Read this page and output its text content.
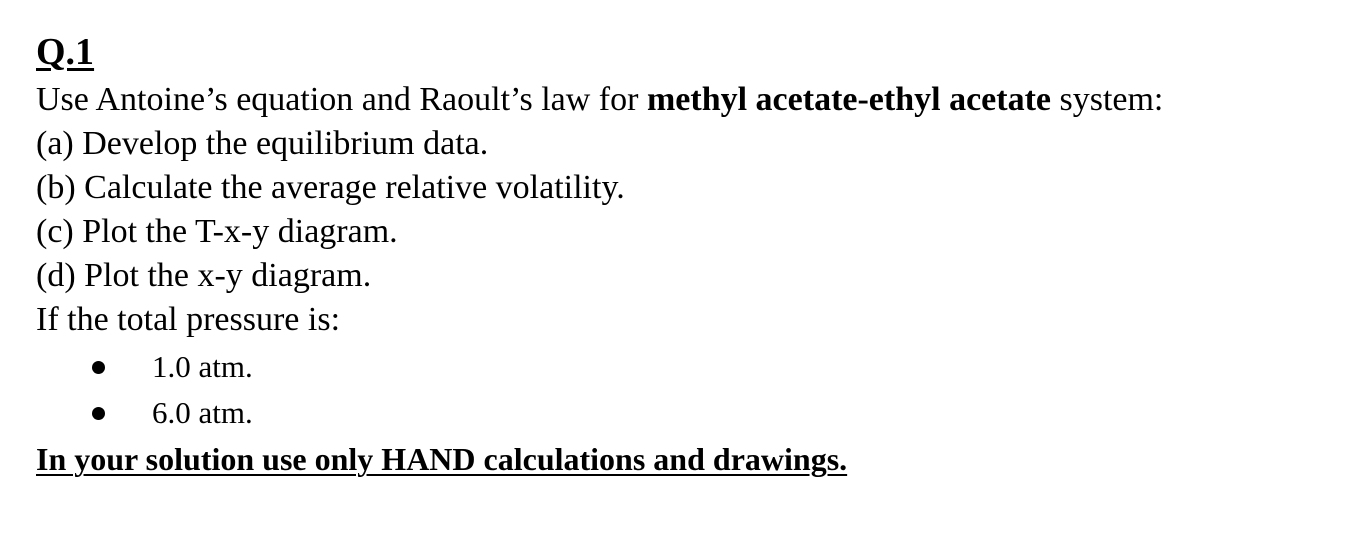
Q.1
Use Antoine’s equation and Raoult’s law for methyl acetate-ethyl acetate system:
(a) Develop the equilibrium data.
(b) Calculate the average relative volatility.
(c) Plot the T-x-y diagram.
(d) Plot the x-y diagram.
If the total pressure is:
1.0 atm.
6.0 atm.
In your solution use only HAND calculations and drawings.
